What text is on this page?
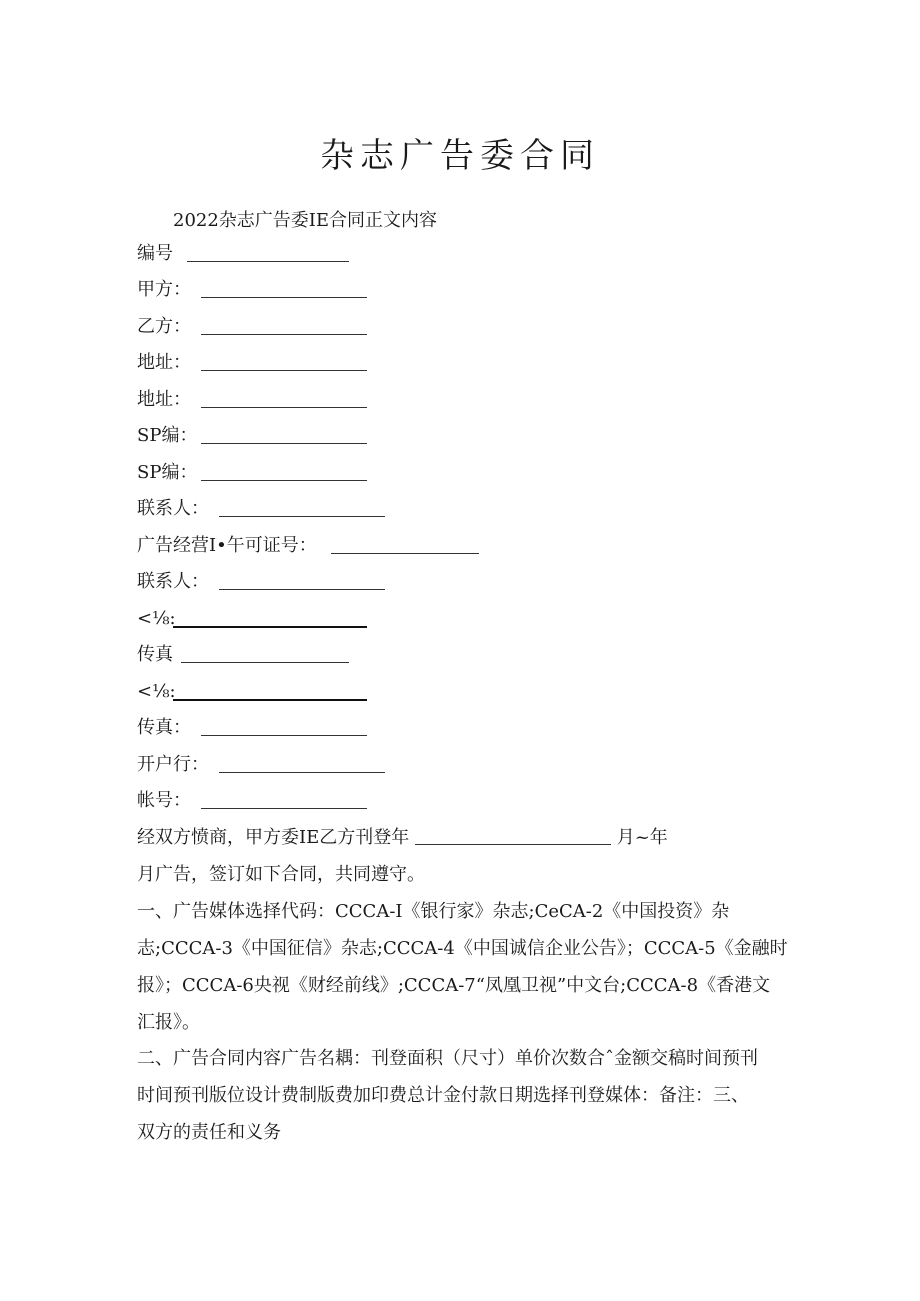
杂志广告委合同
2022杂志广告委IE合同正文内容
编号
甲方：
乙方：
地址：
地址：
SP编：
SP编：
联系人：
广告经营I•午可证号：
联系人：
<⅛:
传真
<⅛:
传真：
开户行：
帐号：
经双方愤商，甲方委IE乙方刊登年	月~年
月广告，签订如下合同，共同遵守。
一、广告媒体选择代码：CCCA-I《银行家》杂志;CeCA-2《中国投资》杂
志;CCCA-3《中国征信》杂志;CCCA-4《中国诚信企业公告》；CCCA-5《金融时
报》；CCCA-6央视《财经前线》;CCCA-7“凤凰卫视”中文台;CCCA-8《香港文
汇报》。
二、广告合同内容广告名耦：刊登面积（尺寸）单价次数合ˆ金额交稿时间预刊
时间预刊版位设计费制版费加印费总计金付款日期选择刊登媒体：备注：三、
双方的责任和义务
